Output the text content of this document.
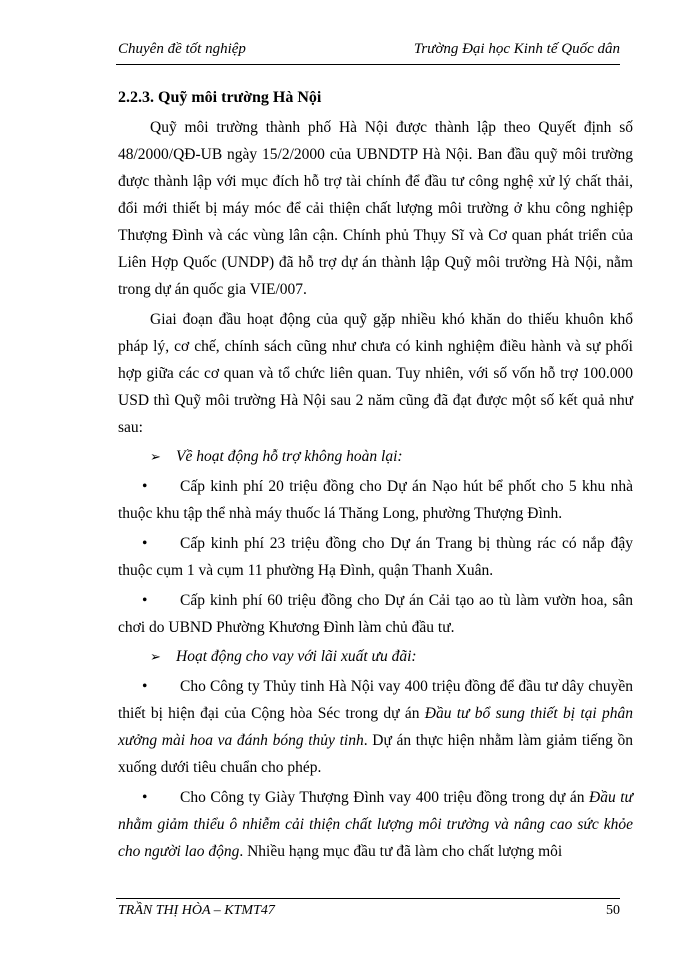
Chuyên đề tốt nghiệp	Trường Đại học Kinh tế Quốc dân

2.2.3. Quỹ môi trường Hà Nội

Quỹ môi trường thành phố Hà Nội được thành lập theo Quyết định số 48/2000/QĐ-UB ngày 15/2/2000 của UBNDTP Hà Nội. Ban đầu quỹ môi trường được thành lập với mục đích hỗ trợ tài chính để đầu tư công nghệ xử lý chất thải, đổi mới thiết bị máy móc để cải thiện chất lượng môi trường ở khu công nghiệp Thượng Đình và các vùng lân cận. Chính phủ Thụy Sĩ và Cơ quan phát triển của Liên Hợp Quốc (UNDP) đã hỗ trợ dự án thành lập Quỹ môi trường Hà Nội, nằm trong dự án quốc gia VIE/007.

Giai đoạn đầu hoạt động của quỹ gặp nhiều khó khăn do thiếu khuôn khổ pháp lý, cơ chế, chính sách cũng như chưa có kinh nghiệm điều hành và sự phối hợp giữa các cơ quan và tổ chức liên quan. Tuy nhiên, với số vốn hỗ trợ 100.000 USD thì Quỹ môi trường Hà Nội sau 2 năm cũng đã đạt được một số kết quả như sau:

➢ Về hoạt động hỗ trợ không hoàn lại:

• Cấp kinh phí 20 triệu đồng cho Dự án Nạo hút bể phốt cho 5 khu nhà thuộc khu tập thể nhà máy thuốc lá Thăng Long, phường Thượng Đình.

• Cấp kinh phí 23 triệu đồng cho Dự án Trang bị thùng rác có nắp đậy thuộc cụm 1 và cụm 11 phường Hạ Đình, quận Thanh Xuân.

• Cấp kinh phí 60 triệu đồng cho Dự án Cải tạo ao tù làm vườn hoa, sân chơi do UBND Phường Khương Đình làm chủ đầu tư.

➢ Hoạt động cho vay với lãi xuất ưu đãi:

• Cho Công ty Thủy tinh Hà Nội vay 400 triệu đồng để đầu tư dây chuyền thiết bị hiện đại của Cộng hòa Séc trong dự án Đầu tư bổ sung thiết bị tại phân xưởng mài hoa va đánh bóng thủy tinh. Dự án thực hiện nhằm làm giảm tiếng ồn xuống dưới tiêu chuẩn cho phép.

• Cho Công ty Giày Thượng Đình vay 400 triệu đồng trong dự án Đầu tư nhằm giảm thiểu ô nhiễm cải thiện chất lượng môi trường và nâng cao sức khỏe cho người lao động. Nhiều hạng mục đầu tư đã làm cho chất lượng môi

TRẦN THỊ HÒA – KTMT47	50
